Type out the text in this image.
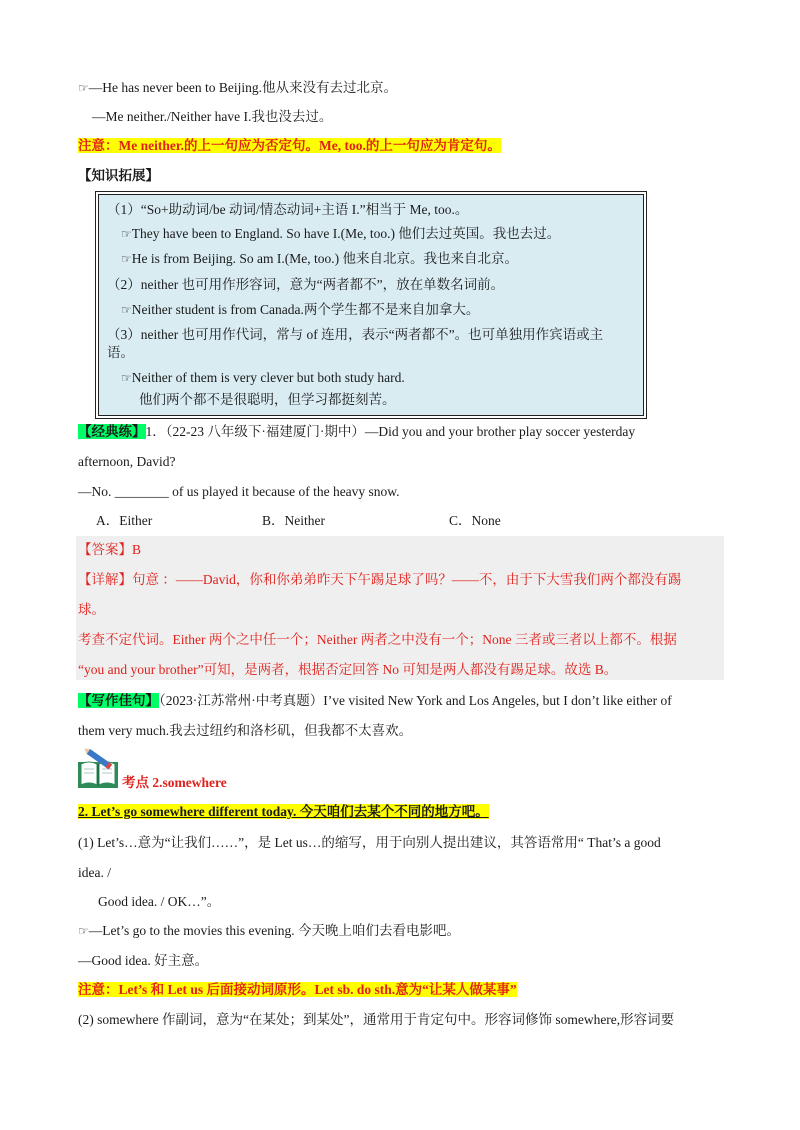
☞—He has never been to Beijing.他从来没有去过北京。
—Me neither./Neither have I.我也没去过。
注意：Me neither.的上一句应为否定句。Me, too.的上一句应为肯定句。
【知识拓展】
（1）“So+助动词/be 动词/情态动词+主语 I.”相当于 Me, too.。
☞They have been to England. So have I.(Me, too.) 他们去过英国。我也去过。
☞He is from Beijing. So am I.(Me, too.) 他来自北京。我也来自北京。
（2）neither 也可用作形容词，意为“两者都不”，放在单数名词前。
☞Neither student is from Canada.两个学生都不是来自加拿大。
（3）neither 也可用作代词，常与 of 连用，表示“两者都不”。也可单独用作宾语或主
语。
☞Neither of them is very clever but both study hard.
他们两个都不是很聪明，但学习都挺刻苦。
【经典练】1．（22-23 八年级下·福建厦门·期中）—Did you and your brother play soccer yesterday
afternoon, David?
—No. ________ of us played it because of the heavy snow.
A．Either	B．Neither	C．None
【答案】B
【详解】句意 ：——David，你和你弟弟昨天下午踢足球了吗？——不，由于下大雪我们两个都没有踢
球。
考查不定代词。Either 两个之中任一个；Neither 两者之中没有一个；None 三者或三者以上都不。根据
“you and your brother”可知，是两者，根据否定回答 No 可知是两人都没有踢足球。故选 B。
【写作佳句】（2023·江苏常州·中考真题）I’ve visited New York and Los Angeles, but I don’t like either of
them very much.我去过纽约和洛杉矶，但我都不太喜欢。
考点 2.somewhere
2. Let’s go somewhere different today. 今天咱们去某个不同的地方吧。
(1) Let’s…意为“让我们……”，是 Let us…的缩写，用于向别人提出建议，其答语常用“ That’s a good
idea. /
Good idea. / OK…”。
☞—Let’s go to the movies this evening. 今天晚上咱们去看电影吧。
—Good idea. 好主意。
注意：Let’s 和 Let us 后面接动词原形。Let sb. do sth.意为“让某人做某事”
(2) somewhere 作副词，意为“在某处；到某处”，通常用于肯定句中。形容词修饰 somewhere,形容词要
